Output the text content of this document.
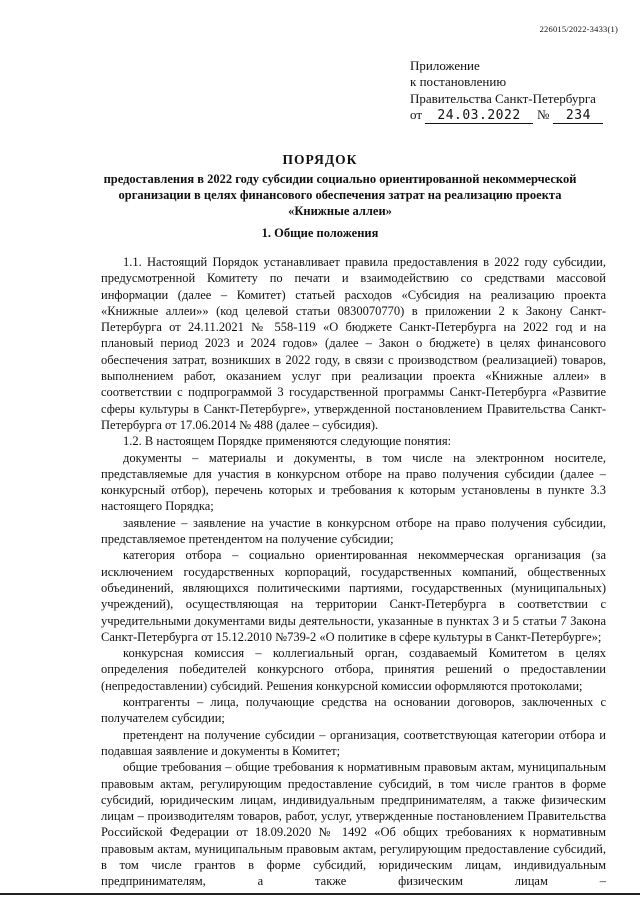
226015/2022-3433(1)
Приложение
к постановлению
Правительства Санкт-Петербурга
от 24.03.2022 № 234
ПОРЯДОК
предоставления в 2022 году субсидии социально ориентированной некоммерческой организации в целях финансового обеспечения затрат на реализацию проекта «Книжные аллеи»
1. Общие положения

1.1. Настоящий Порядок устанавливает правила предоставления в 2022 году субсидии, предусмотренной Комитету по печати и взаимодействию со средствами массовой информации (далее – Комитет) статьей расходов «Субсидия на реализацию проекта «Книжные аллеи»» (код целевой статьи 0830070770) в приложении 2 к Закону Санкт-Петербурга от 24.11.2021 № 558-119 «О бюджете Санкт-Петербурга на 2022 год и на плановый период 2023 и 2024 годов» (далее – Закон о бюджете) в целях финансового обеспечения затрат, возникших в 2022 году, в связи с производством (реализацией) товаров, выполнением работ, оказанием услуг при реализации проекта «Книжные аллеи» в соответствии с подпрограммой 3 государственной программы Санкт-Петербурга «Развитие сферы культуры в Санкт-Петербурге», утвержденной постановлением Правительства Санкт-Петербурга от 17.06.2014 № 488 (далее – субсидия).

1.2. В настоящем Порядке применяются следующие понятия:

документы – материалы и документы, в том числе на электронном носителе, представляемые для участия в конкурсном отборе на право получения субсидии (далее – конкурсный отбор), перечень которых и требования к которым установлены в пункте 3.3 настоящего Порядка;

заявление – заявление на участие в конкурсном отборе на право получения субсидии, представляемое претендентом на получение субсидии;

категория отбора – социально ориентированная некоммерческая организация (за исключением государственных корпораций, государственных компаний, общественных объединений, являющихся политическими партиями, государственных (муниципальных) учреждений), осуществляющая на территории Санкт-Петербурга в соответствии с учредительными документами виды деятельности, указанные в пунктах 3 и 5 статьи 7 Закона Санкт-Петербурга от 15.12.2010 №739-2 «О политике в сфере культуры в Санкт-Петербурге»;

конкурсная комиссия – коллегиальный орган, создаваемый Комитетом в целях определения победителей конкурсного отбора, принятия решений о предоставлении (непредоставлении) субсидий. Решения конкурсной комиссии оформляются протоколами;

контрагенты – лица, получающие средства на основании договоров, заключенных с получателем субсидии;

претендент на получение субсидии – организация, соответствующая категории отбора и подавшая заявление и документы в Комитет;

общие требования – общие требования к нормативным правовым актам, муниципальным правовым актам, регулирующим предоставление субсидий, в том числе грантов в форме субсидий, юридическим лицам, индивидуальным предпринимателям, а также физическим лицам – производителям товаров, работ, услуг, утвержденные постановлением Правительства Российской Федерации от 18.09.2020 № 1492 «Об общих требованиях к нормативным правовым актам, муниципальным правовым актам, регулирующим предоставление субсидий, в том числе грантов в форме субсидий, юридическим лицам, индивидуальным предпринимателям, а также физическим лицам –
